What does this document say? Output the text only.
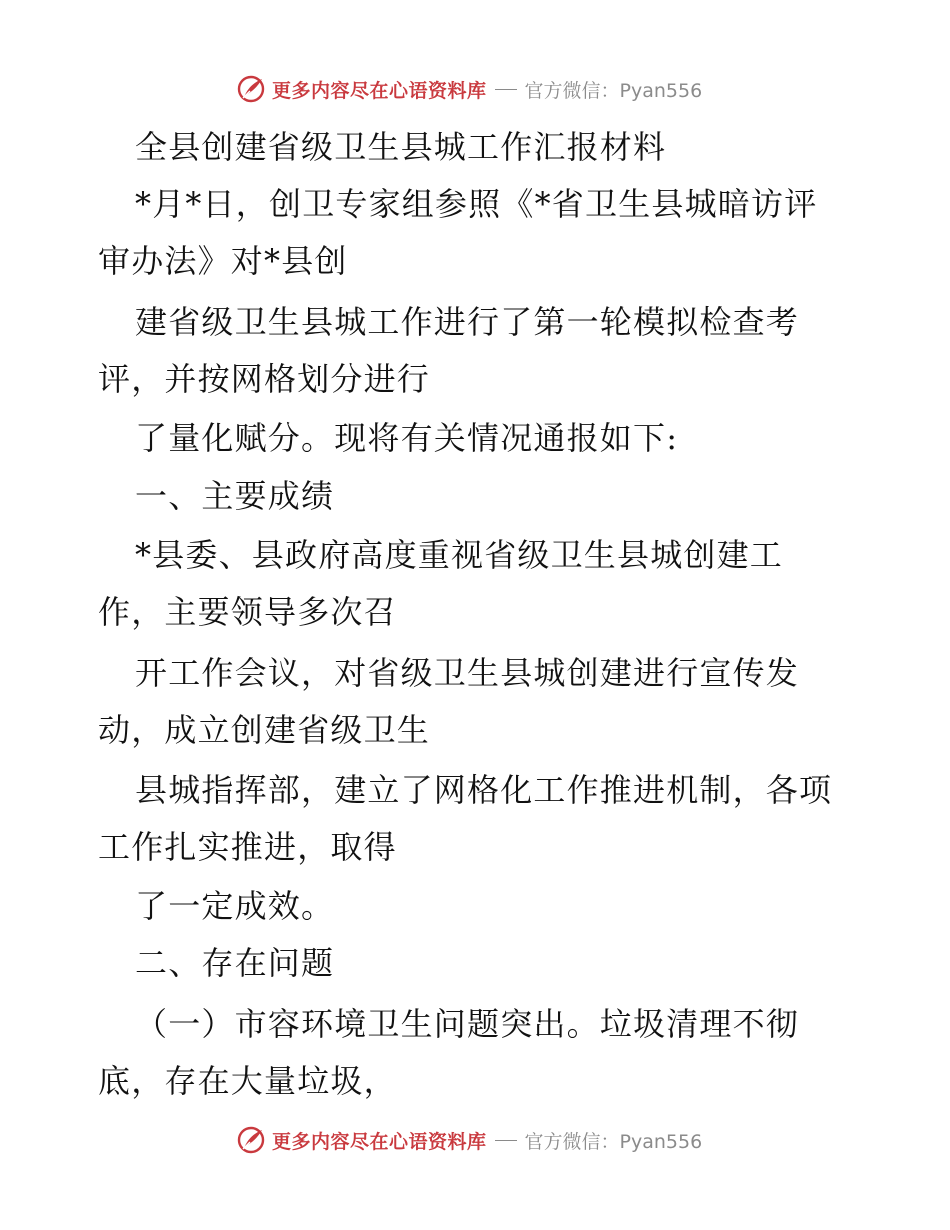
更多内容尽在心语资料库 官方微信：Pyan556
全县创建省级卫生县城工作汇报材料
*月*日，创卫专家组参照《*省卫生县城暗访评
审办法》对*县创
建省级卫生县城工作进行了第一轮模拟检查考
评，并按网格划分进行
了量化赋分。现将有关情况通报如下:
一、主要成绩
*县委、县政府高度重视省级卫生县城创建工
作，主要领导多次召
开工作会议，对省级卫生县城创建进行宣传发
动，成立创建省级卫生
县城指挥部，建立了网格化工作推进机制，各项
工作扎实推进，取得
了一定成效。
二、存在问题
（一）市容环境卫生问题突出。垃圾清理不彻
底，存在大量垃圾，
更多内容尽在心语资料库 官方微信：Pyan556
